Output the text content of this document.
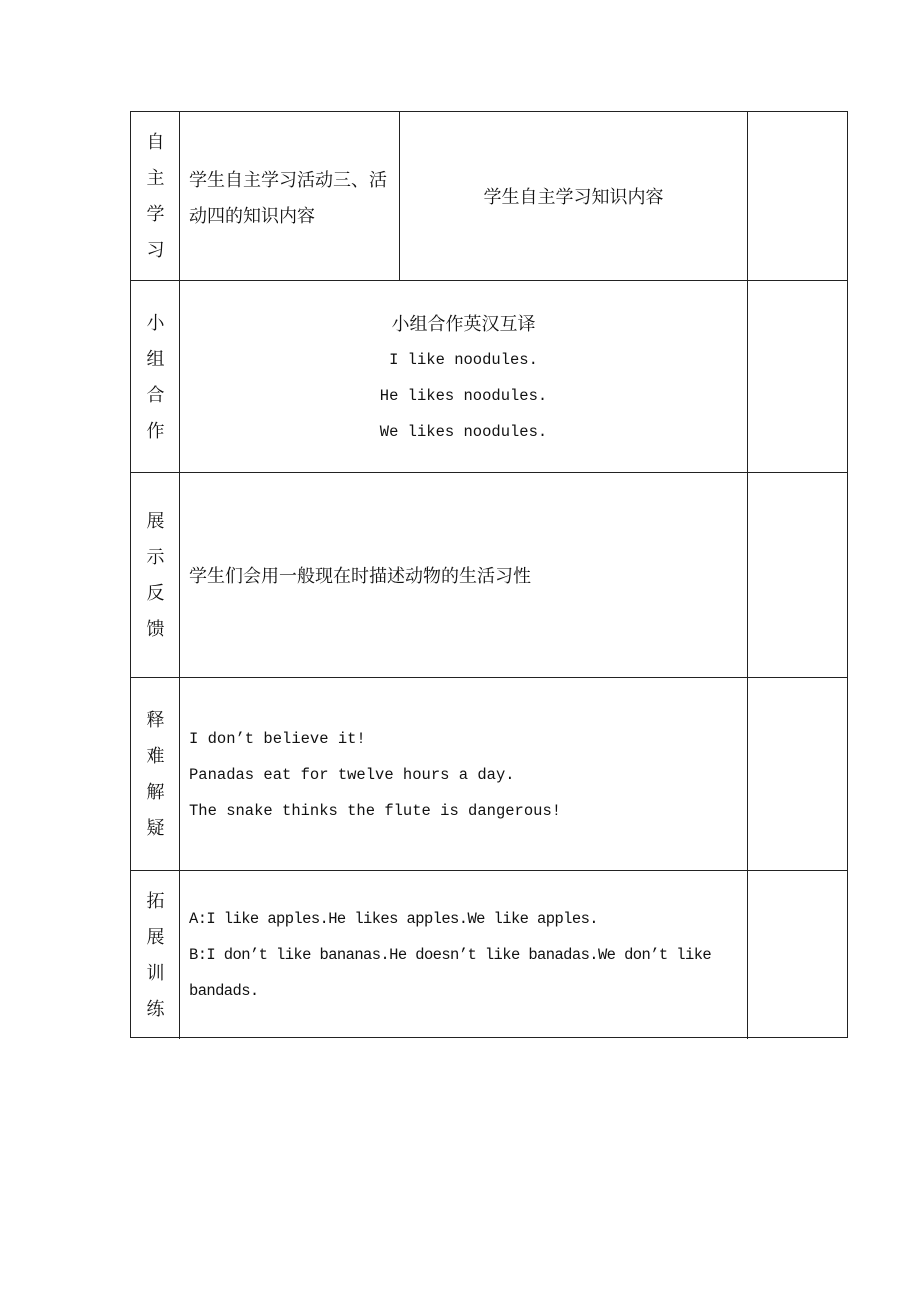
自
主
学
习
学生自主学习活动三、活
动四的知识内容
学生自主学习知识内容
小
组
合
作
小组合作英汉互译
I like noodules.
He likes noodules.
We likes noodules.
展
示
反
馈
学生们会用一般现在时描述动物的生活习性
释
难
解
疑
I don’t believe it!
Panadas eat for twelve hours a day.
The snake thinks the flute is dangerous!
拓
展
训
练
A:I like apples.He likes apples.We like apples.
B:I don’t like bananas.He doesn’t like banadas.We don’t like
bandads.
